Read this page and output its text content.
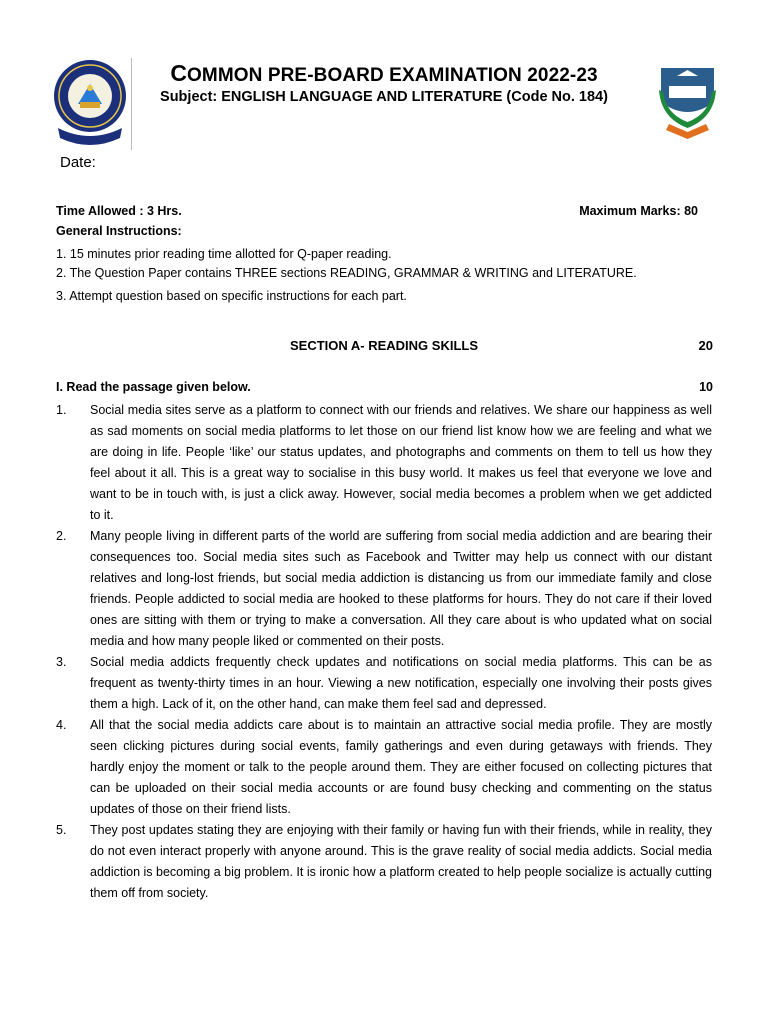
COMMON PRE-BOARD EXAMINATION 2022-23
Subject: ENGLISH LANGUAGE AND LITERATURE (Code No. 184)
Date:
Time Allowed : 3 Hrs.	Maximum Marks: 80
General Instructions:
1. 15 minutes prior reading time allotted for Q-paper reading.
2. The Question Paper contains THREE sections READING, GRAMMAR & WRITING and LITERATURE.
3. Attempt question based on specific instructions for each part.
SECTION A- READING SKILLS	20
I. Read the passage given below.	10
1.	Social media sites serve as a platform to connect with our friends and relatives. We share our happiness as well as sad moments on social media platforms to let those on our friend list know how we are feeling and what we are doing in life. People ‘like’ our status updates, and photographs and comments on them to tell us how they feel about it all. This is a great way to socialise in this busy world. It makes us feel that everyone we love and want to be in touch with, is just a click away. However, social media becomes a problem when we get addicted to it.
2.	Many people living in different parts of the world are suffering from social media addiction and are bearing their consequences too. Social media sites such as Facebook and Twitter may help us connect with our distant relatives and long-lost friends, but social media addiction is distancing us from our immediate family and close friends. People addicted to social media are hooked to these platforms for hours. They do not care if their loved ones are sitting with them or trying to make a conversation. All they care about is who updated what on social media and how many people liked or commented on their posts.
3.	Social media addicts frequently check updates and notifications on social media platforms. This can be as frequent as twenty-thirty times in an hour. Viewing a new notification, especially one involving their posts gives them a high. Lack of it, on the other hand, can make them feel sad and depressed.
4.	All that the social media addicts care about is to maintain an attractive social media profile. They are mostly seen clicking pictures during social events, family gatherings and even during getaways with friends. They hardly enjoy the moment or talk to the people around them. They are either focused on collecting pictures that can be uploaded on their social media accounts or are found busy checking and commenting on the status updates of those on their friend lists.
5.	They post updates stating they are enjoying with their family or having fun with their friends, while in reality, they do not even interact properly with anyone around. This is the grave reality of social media addicts. Social media addiction is becoming a big problem. It is ironic how a platform created to help people socialize is actually cutting them off from society.
